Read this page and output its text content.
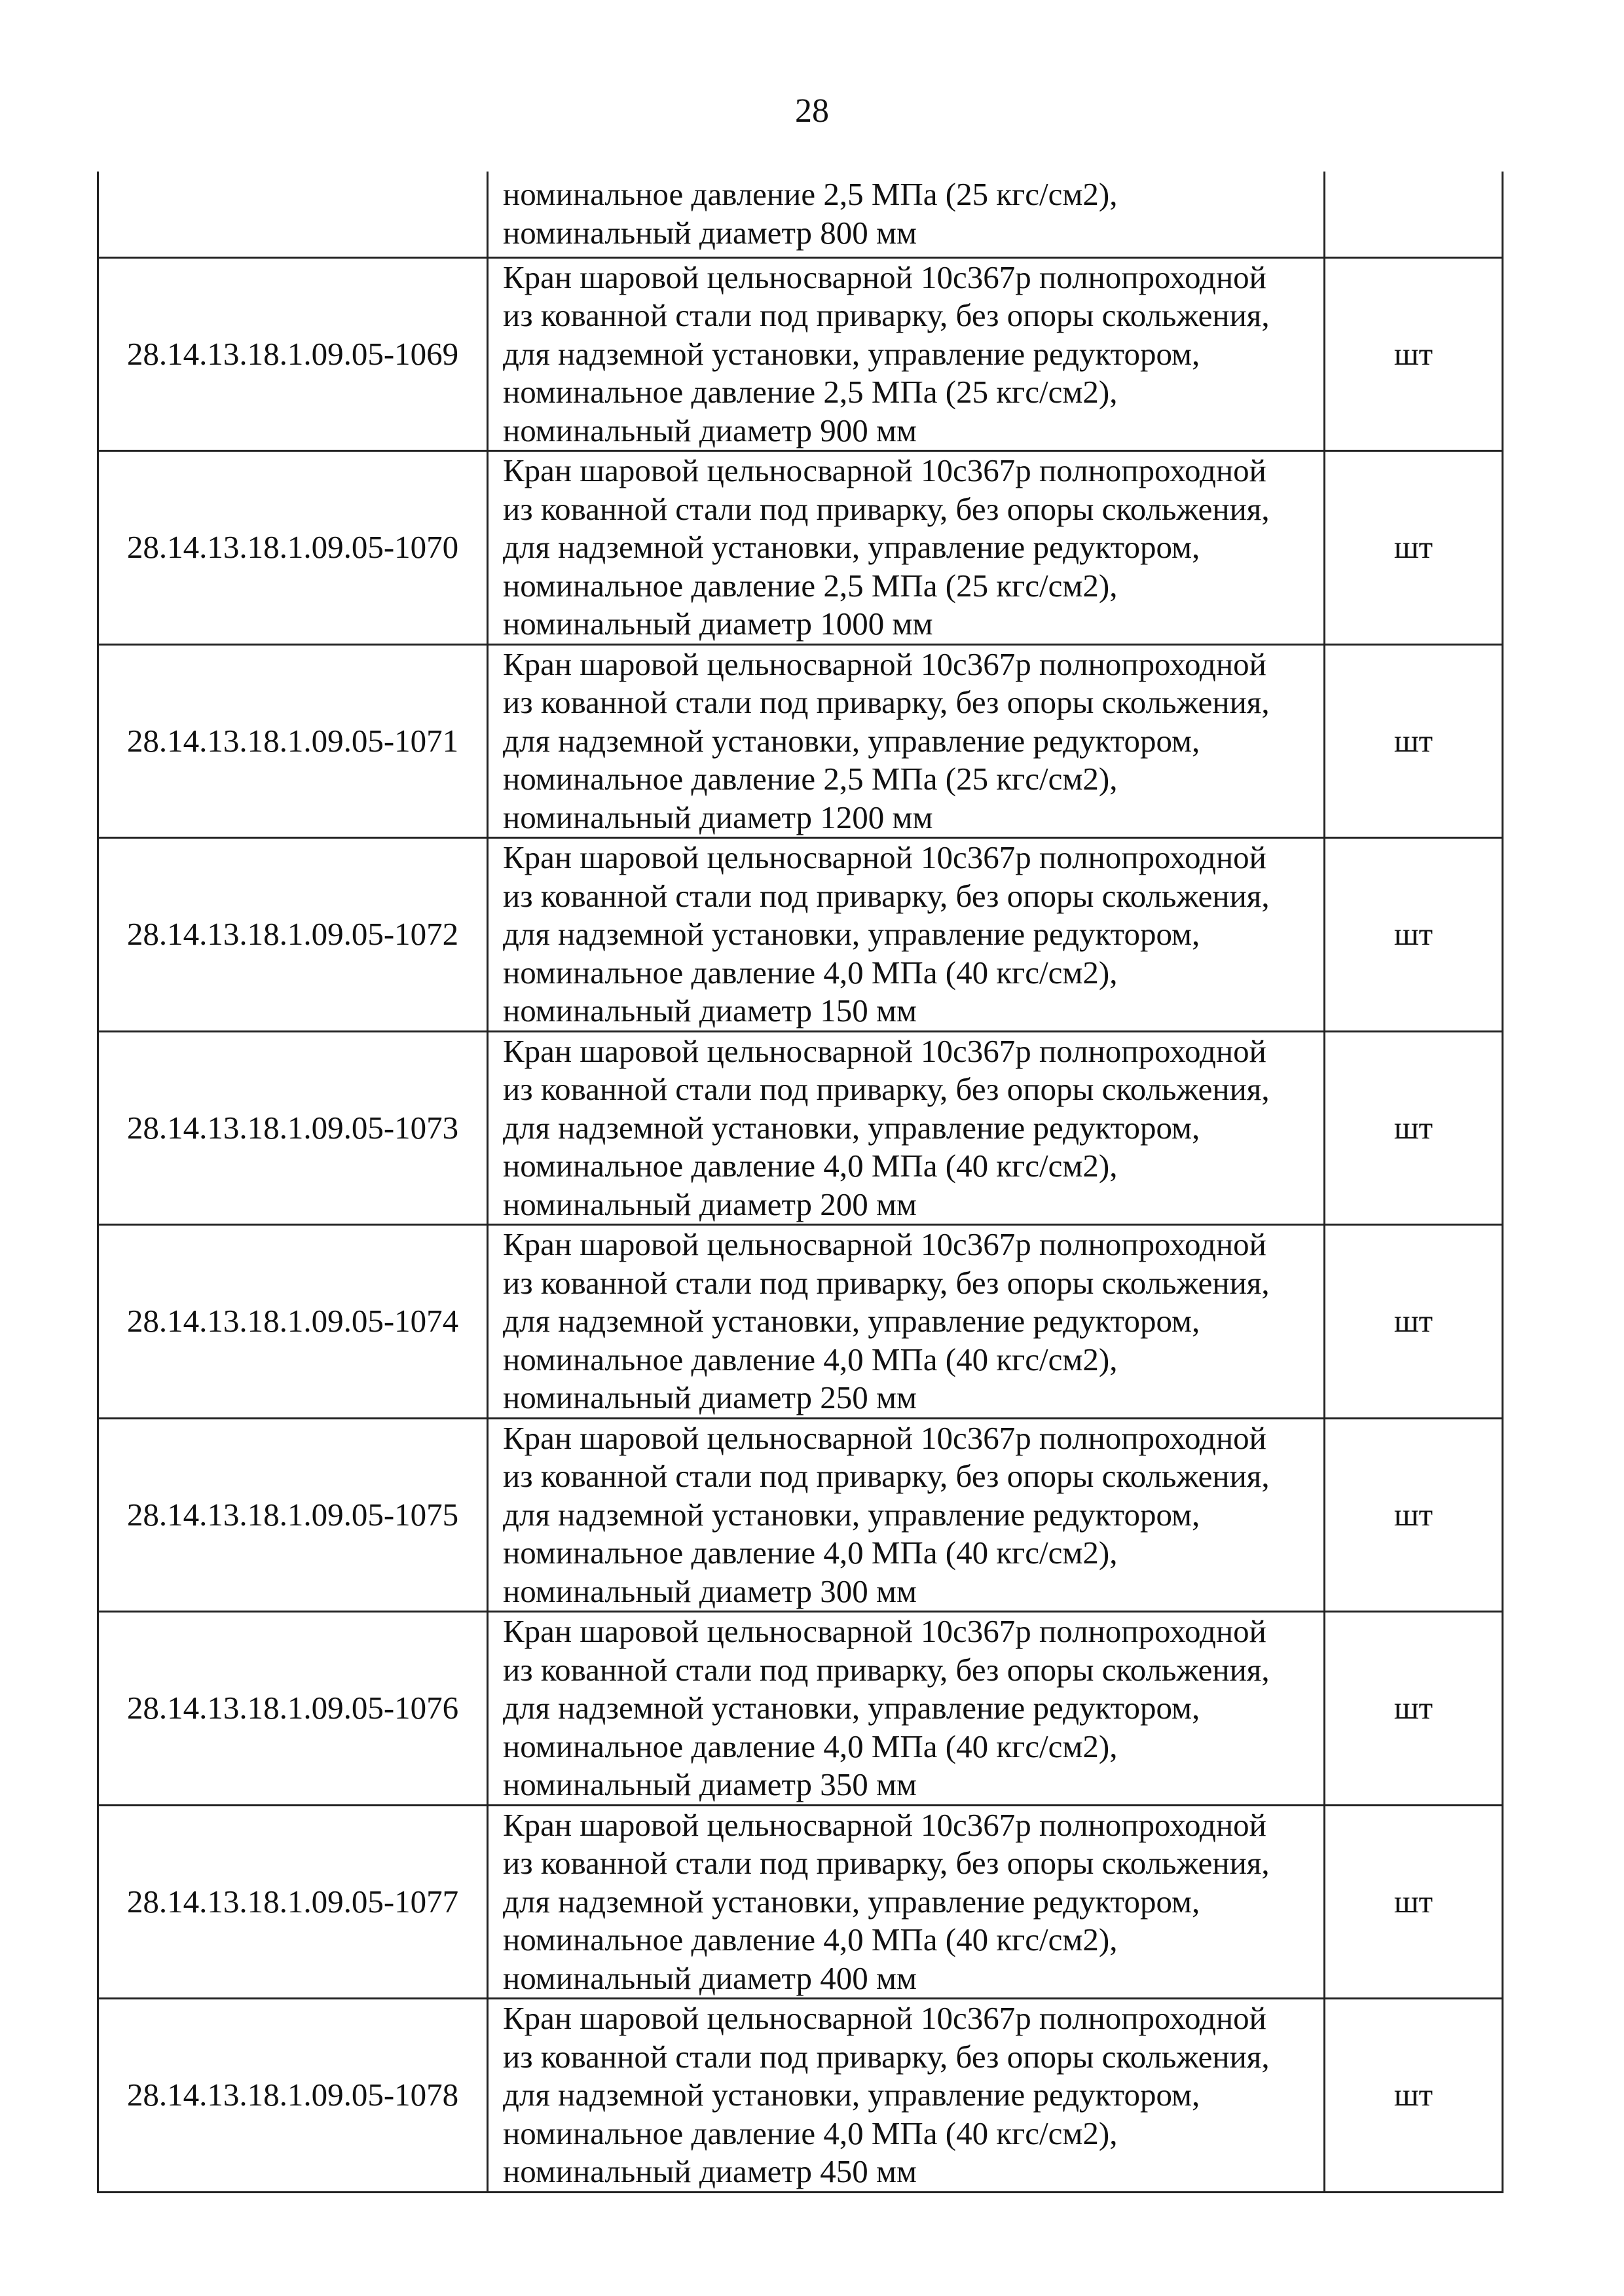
28
	номинальное давление 2,5 МПа (25 кгс/см2),
номинальный диаметр 800 мм	
28.14.13.18.1.09.05-1069	Кран шаровой цельносварной 10с367р полнопроходной
из кованной стали под приварку, без опоры скольжения,
для надземной установки, управление редуктором,
номинальное давление 2,5 МПа (25 кгс/см2),
номинальный диаметр 900 мм	шт
28.14.13.18.1.09.05-1070	Кран шаровой цельносварной 10с367р полнопроходной
из кованной стали под приварку, без опоры скольжения,
для надземной установки, управление редуктором,
номинальное давление 2,5 МПа (25 кгс/см2),
номинальный диаметр 1000 мм	шт
28.14.13.18.1.09.05-1071	Кран шаровой цельносварной 10с367р полнопроходной
из кованной стали под приварку, без опоры скольжения,
для надземной установки, управление редуктором,
номинальное давление 2,5 МПа (25 кгс/см2),
номинальный диаметр 1200 мм	шт
28.14.13.18.1.09.05-1072	Кран шаровой цельносварной 10с367р полнопроходной
из кованной стали под приварку, без опоры скольжения,
для надземной установки, управление редуктором,
номинальное давление 4,0 МПа (40 кгс/см2),
номинальный диаметр 150 мм	шт
28.14.13.18.1.09.05-1073	Кран шаровой цельносварной 10с367р полнопроходной
из кованной стали под приварку, без опоры скольжения,
для надземной установки, управление редуктором,
номинальное давление 4,0 МПа (40 кгс/см2),
номинальный диаметр 200 мм	шт
28.14.13.18.1.09.05-1074	Кран шаровой цельносварной 10с367р полнопроходной
из кованной стали под приварку, без опоры скольжения,
для надземной установки, управление редуктором,
номинальное давление 4,0 МПа (40 кгс/см2),
номинальный диаметр 250 мм	шт
28.14.13.18.1.09.05-1075	Кран шаровой цельносварной 10с367р полнопроходной
из кованной стали под приварку, без опоры скольжения,
для надземной установки, управление редуктором,
номинальное давление 4,0 МПа (40 кгс/см2),
номинальный диаметр 300 мм	шт
28.14.13.18.1.09.05-1076	Кран шаровой цельносварной 10с367р полнопроходной
из кованной стали под приварку, без опоры скольжения,
для надземной установки, управление редуктором,
номинальное давление 4,0 МПа (40 кгс/см2),
номинальный диаметр 350 мм	шт
28.14.13.18.1.09.05-1077	Кран шаровой цельносварной 10с367р полнопроходной
из кованной стали под приварку, без опоры скольжения,
для надземной установки, управление редуктором,
номинальное давление 4,0 МПа (40 кгс/см2),
номинальный диаметр 400 мм	шт
28.14.13.18.1.09.05-1078	Кран шаровой цельносварной 10с367р полнопроходной
из кованной стали под приварку, без опоры скольжения,
для надземной установки, управление редуктором,
номинальное давление 4,0 МПа (40 кгс/см2),
номинальный диаметр 450 мм	шт
